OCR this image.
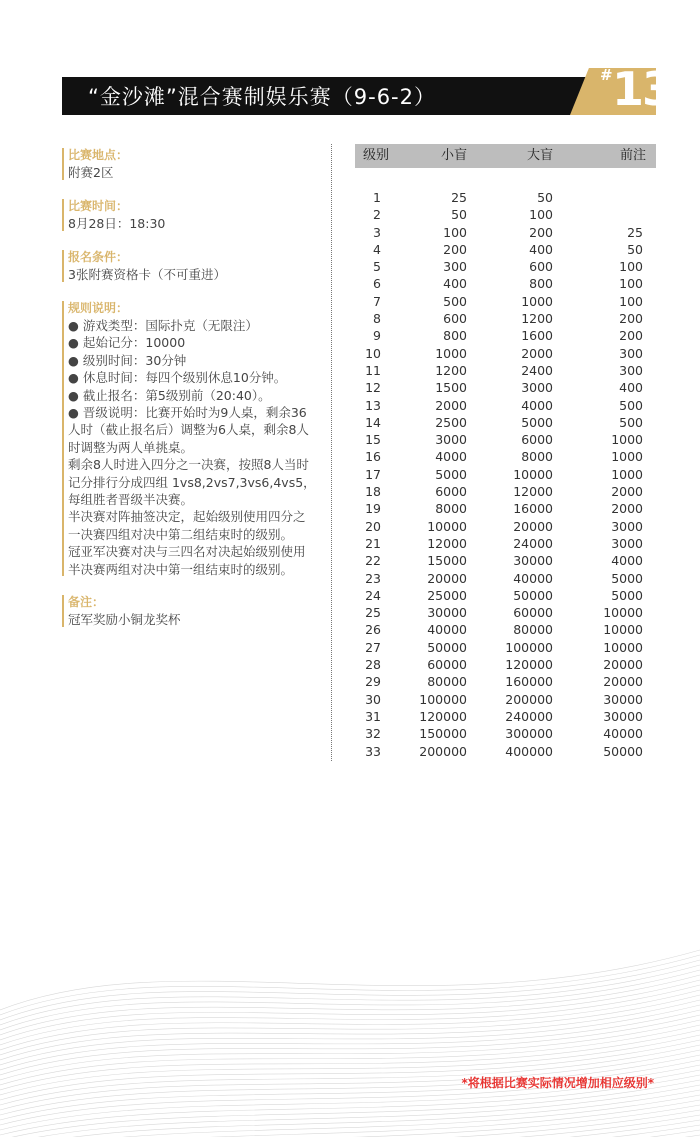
“金沙滩”混合赛制娱乐赛（9-6-2）
# 13
比赛地点：
附赛2区
比赛时间：
8月28日：18:30
报名条件：
3张附赛资格卡（不可重进）
规则说明：
● 游戏类型：国际扑克（无限注）
● 起始记分：10000
● 级别时间：30分钟
● 休息时间：每四个级别休息10分钟。
● 截止报名：第5级别前（20:40）。
● 晋级说明：比赛开始时为9人桌，剩余36
人时（截止报名后）调整为6人桌，剩余8人
时调整为两人单挑桌。
剩余8人时进入四分之一决赛，按照8人当时
记分排行分成四组 1vs8,2vs7,3vs6,4vs5，
每组胜者晋级半决赛。
半决赛对阵抽签决定，起始级别使用四分之
一决赛四组对决中第二组结束时的级别。
冠亚军决赛对决与三四名对决起始级别使用
半决赛两组对决中第一组结束时的级别。
备注：
冠军奖励小铜龙奖杯
级别	小盲	大盲	前注
1	25	50
2	50	100
3	100	200	25
4	200	400	50
5	300	600	100
6	400	800	100
7	500	1000	100
8	600	1200	200
9	800	1600	200
10	1000	2000	300
11	1200	2400	300
12	1500	3000	400
13	2000	4000	500
14	2500	5000	500
15	3000	6000	1000
16	4000	8000	1000
17	5000	10000	1000
18	6000	12000	2000
19	8000	16000	2000
20	10000	20000	3000
21	12000	24000	3000
22	15000	30000	4000
23	20000	40000	5000
24	25000	50000	5000
25	30000	60000	10000
26	40000	80000	10000
27	50000	100000	10000
28	60000	120000	20000
29	80000	160000	20000
30	100000	200000	30000
31	120000	240000	30000
32	150000	300000	40000
33	200000	400000	50000
*将根据比赛实际情况增加相应级别*
